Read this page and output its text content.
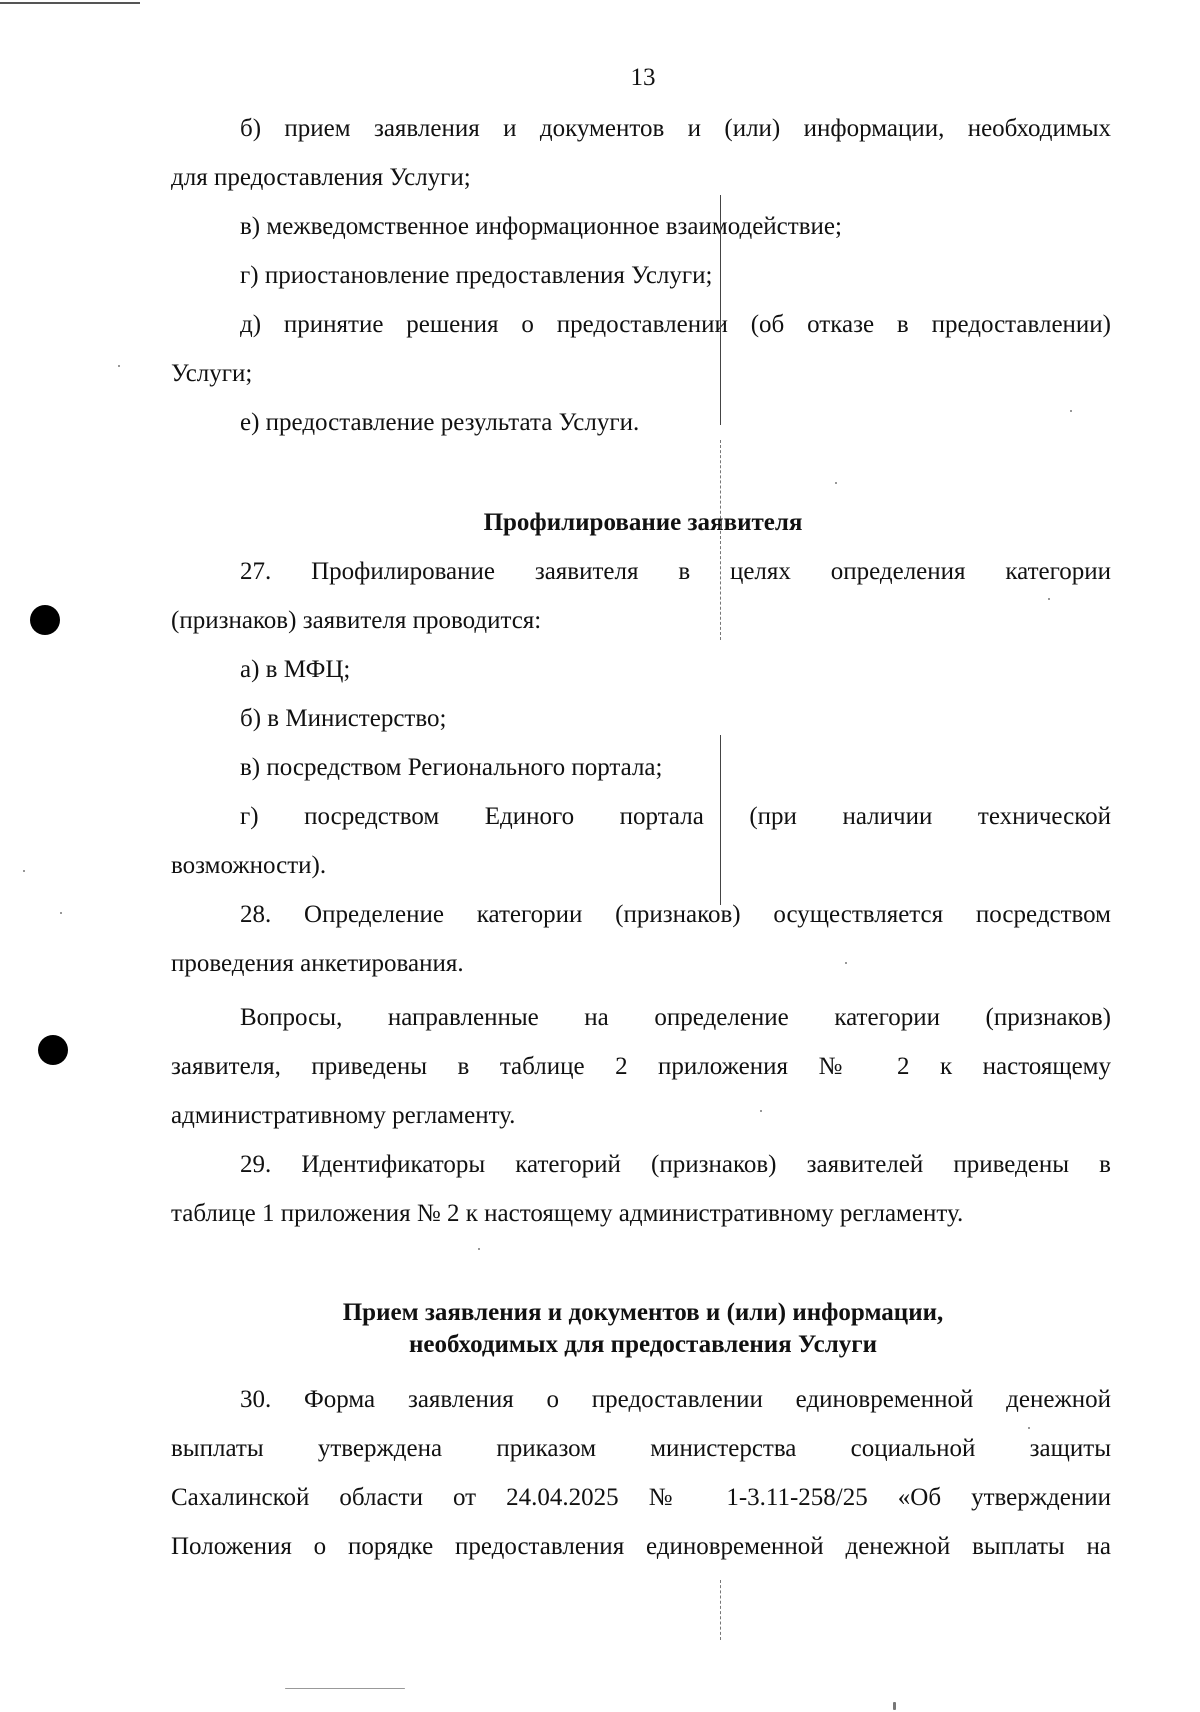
13
б) прием заявления и документов и (или) информации, необходимых
для предоставления Услуги;
в) межведомственное информационное взаимодействие;
г) приостановление предоставления Услуги;
д) принятие решения о предоставлении (об отказе в предоставлении)
Услуги;
е) предоставление результата Услуги.
Профилирование заявителя
27. Профилирование заявителя в целях определения категории
(признаков) заявителя проводится:
а) в МФЦ;
б) в Министерство;
в) посредством Регионального портала;
г) посредством Единого портала (при наличии технической
возможности).
28. Определение категории (признаков) осуществляется посредством
проведения анкетирования.
Вопросы, направленные на определение категории (признаков)
заявителя, приведены в таблице 2 приложения № 2 к настоящему
административному регламенту.
29. Идентификаторы категорий (признаков) заявителей приведены в
таблице 1 приложения № 2 к настоящему административному регламенту.
Прием заявления и документов и (или) информации,
необходимых для предоставления Услуги
30. Форма заявления о предоставлении единовременной денежной
выплаты утверждена приказом министерства социальной защиты
Сахалинской области от 24.04.2025 № 1-3.11-258/25 «Об утверждении
Положения о порядке предоставления единовременной денежной выплаты на
